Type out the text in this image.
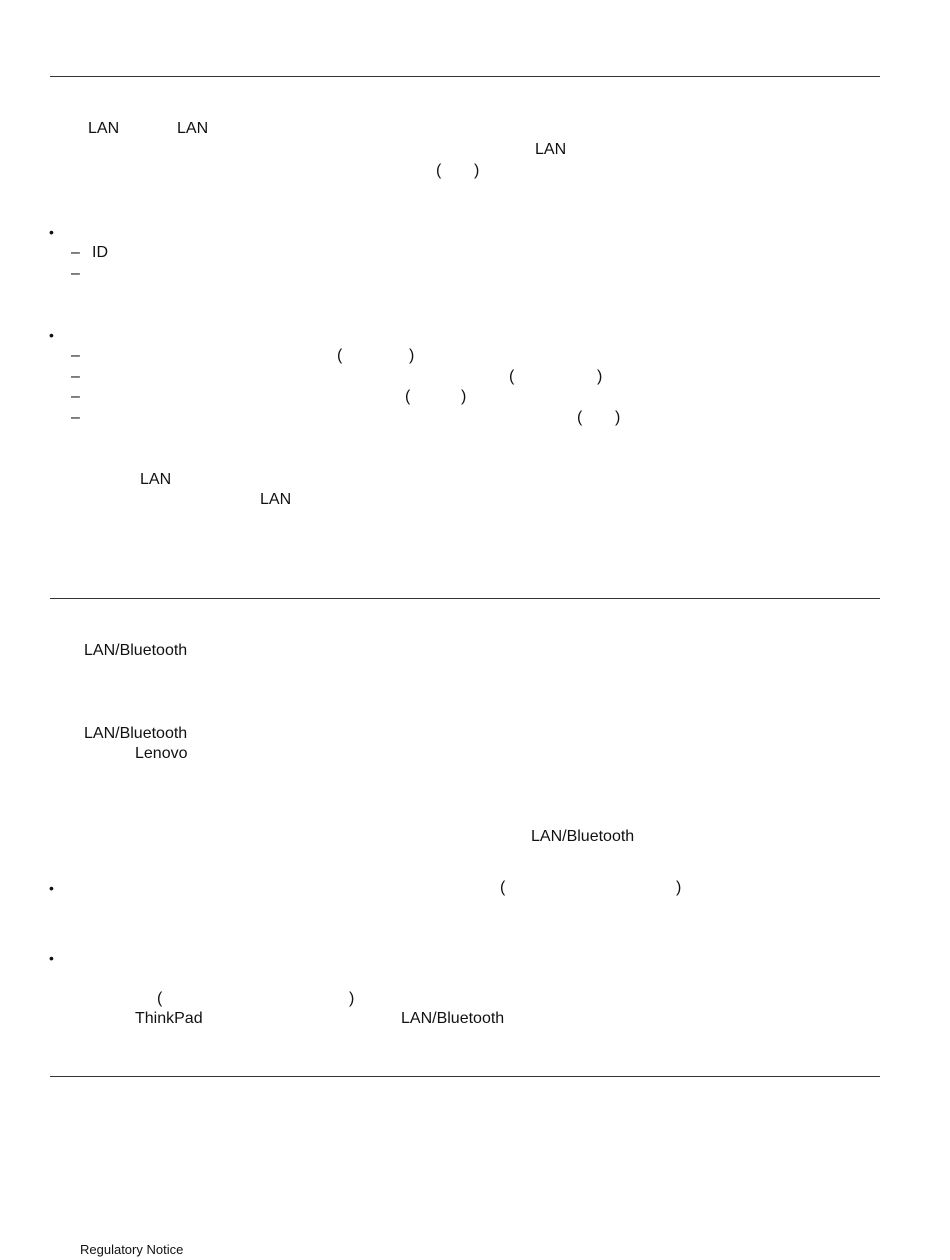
LAN	LAN
LAN
( )
•
– ID
–
•
–	(	)
–	(	)
–	(	)
–	( )
LAN
LAN
LAN/Bluetooth
LAN/Bluetooth
Lenovo
LAN/Bluetooth
•	(	)
•
(	)
ThinkPad	LAN/Bluetooth
Regulatory Notice
